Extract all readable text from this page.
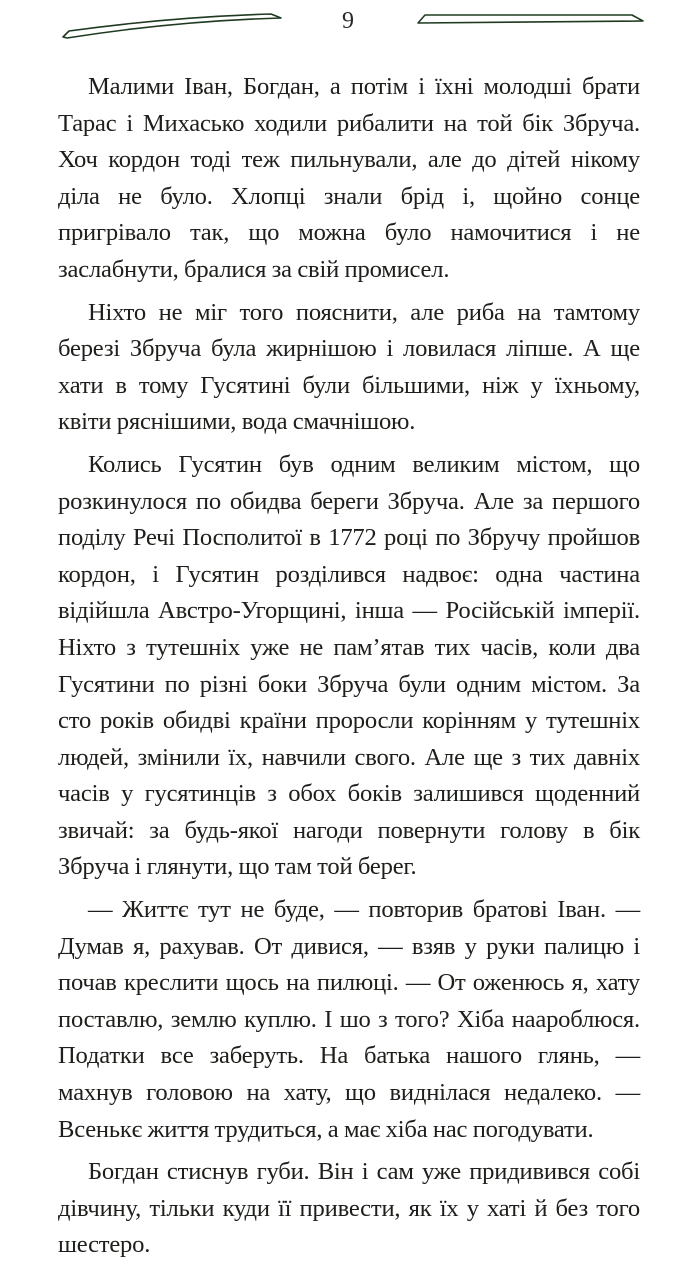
9

Малими Іван, Богдан, а потім і їхні молодші брати Тарас і Михасько ходили рибалити на той бік Збруча. Хоч кордон тоді теж пильнували, але до дітей нікому діла не було. Хлопці знали брід і, щойно сонце пригрівало так, що можна було намочитися і не заслабнути, бралися за свій промисел.

Ніхто не міг того пояснити, але риба на тамтому березі Збруча була жирнішою і ловилася ліпше. А ще хати в тому Гусятині були більшими, ніж у їхньому, квіти ряснішими, вода смачнішою.

Колись Гусятин був одним великим містом, що розкинулося по обидва береги Збруча. Але за першого поділу Речі Посполитої в 1772 році по Збручу пройшов кордон, і Гусятин розділився надвоє: одна частина відійшла Австро-Угорщині, інша — Російській імперії. Ніхто з тутешніх уже не пам’ятав тих часів, коли два Гусятини по різні боки Збруча були одним містом. За сто років обидві країни проросли корінням у тутешніх людей, змінили їх, навчили свого. Але ще з тих давніх часів у гусятинців з обох боків залишився щоденний звичай: за будь-якої нагоди повернути голову в бік Збруча і глянути, що там той берег.

— Життє тут не буде, — повторив братові Іван. — Думав я, рахував. От дивися, — взяв у руки палицю і почав креслити щось на пилюці. — От оженюсь я, хату поставлю, землю куплю. І шо з того? Хіба наароблюся. Податки все заберуть. На батька нашого глянь, — махнув головою на хату, що виднілася недалеко. — Всенькє життя трудиться, а має хіба нас погодувати.

Богдан стиснув губи. Він і сам уже придивився собі дівчину, тільки куди її привести, як їх у хаті й без того шестеро.
